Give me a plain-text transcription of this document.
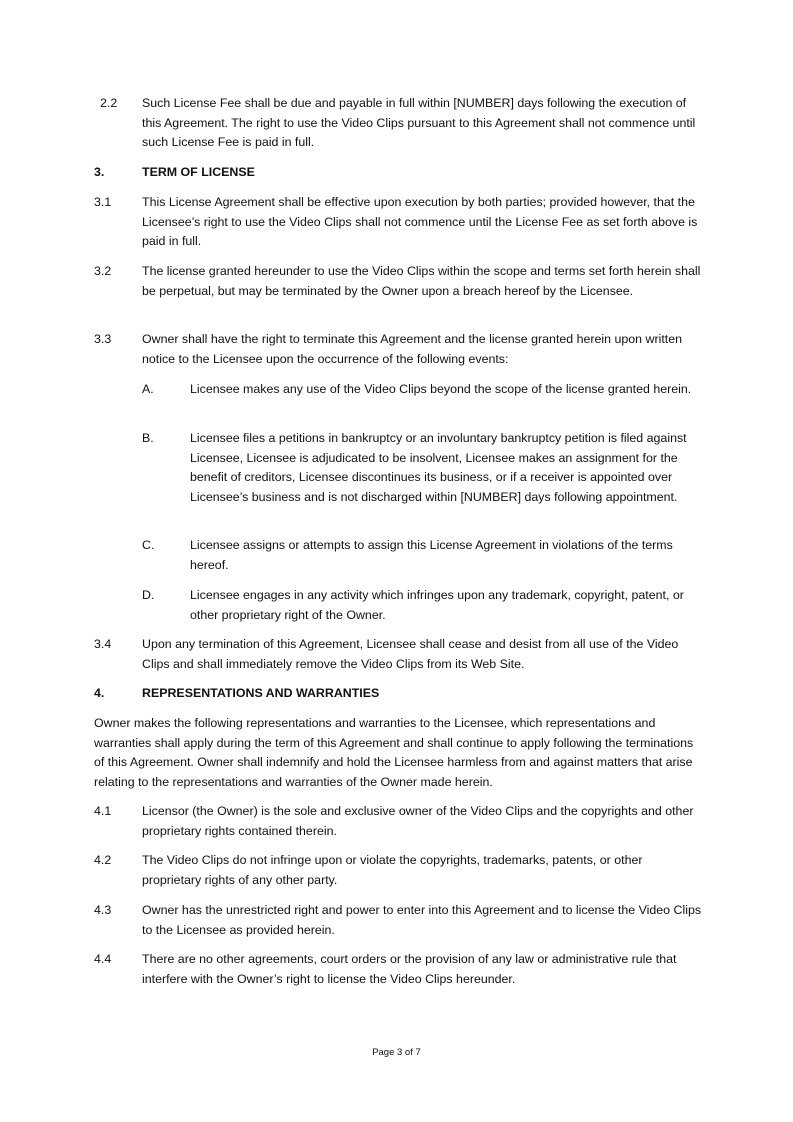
2.2 Such License Fee shall be due and payable in full within [NUMBER] days following the execution of this Agreement. The right to use the Video Clips pursuant to this Agreement shall not commence until such License Fee is paid in full.
3.	TERM OF LICENSE
3.1 This License Agreement shall be effective upon execution by both parties; provided however, that the Licensee’s right to use the Video Clips shall not commence until the License Fee as set forth above is paid in full.
3.2 The license granted hereunder to use the Video Clips within the scope and terms set forth herein shall be perpetual, but may be terminated by the Owner upon a breach hereof by the Licensee.
3.3 Owner shall have the right to terminate this Agreement and the license granted herein upon written notice to the Licensee upon the occurrence of the following events:
A.	Licensee makes any use of the Video Clips beyond the scope of the license granted herein.
B.	Licensee files a petitions in bankruptcy or an involuntary bankruptcy petition is filed against Licensee, Licensee is adjudicated to be insolvent, Licensee makes an assignment for the benefit of creditors, Licensee discontinues its business, or if a receiver is appointed over Licensee’s business and is not discharged within [NUMBER] days following appointment.
C.	Licensee assigns or attempts to assign this License Agreement in violations of the terms hereof.
D.	Licensee engages in any activity which infringes upon any trademark, copyright, patent, or other proprietary right of the Owner.
3.4 Upon any termination of this Agreement, Licensee shall cease and desist from all use of the Video Clips and shall immediately remove the Video Clips from its Web Site.
4.	REPRESENTATIONS AND WARRANTIES
Owner makes the following representations and warranties to the Licensee, which representations and warranties shall apply during the term of this Agreement and shall continue to apply following the terminations of this Agreement. Owner shall indemnify and hold the Licensee harmless from and against matters that arise relating to the representations and warranties of the Owner made herein.
4.1 Licensor (the Owner) is the sole and exclusive owner of the Video Clips and the copyrights and other proprietary rights contained therein.
4.2 The Video Clips do not infringe upon or violate the copyrights, trademarks, patents, or other proprietary rights of any other party.
4.3 Owner has the unrestricted right and power to enter into this Agreement and to license the Video Clips to the Licensee as provided herein.
4.4 There are no other agreements, court orders or the provision of any law or administrative rule that interfere with the Owner’s right to license the Video Clips hereunder.
Page 3 of 7
